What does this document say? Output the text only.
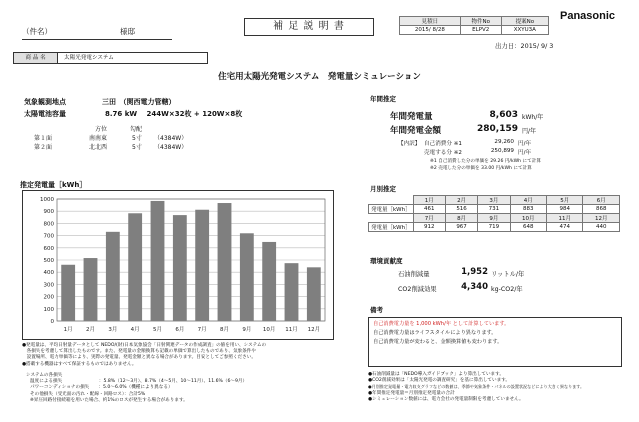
（件名）	様邸	補 足 説 明 書	見積日	物件No	提案No
2015/ 8/28	ELPV2	XXYU3A
Panasonic
出力日：2015/ 9/ 3
商 品 名	太陽光発電システム
住宅用太陽光発電システム　発電量シミュレーション
気象観測地点	三田　（関西電力管轄）
太陽電池容量	8.76 kW　 244W×32枚 + 120W×8枚
方位	勾配
第１面	南南東	5寸 （4384W）
第２面	北北西	5寸 （4384W）
推定発電量［kWh］
0
100
200
300
400
500
600
700
800
900
1000
1月 2月 3月 4月 5月 6月 7月 8月 9月 10月 11月 12月
年間推定
年間発電量	8,603 kWh/年
年間発電金額	280,159 円/年
【内訳】 自己消費分 ※1	29,260 円/年
売電する分 ※2	250,899 円/年
※1 自己消費した分の単価を 29.26 円/kWh にて計算
※2 売電した分の単価を 33.00 円/kWh にて計算
月別推定
	1月	2月	3月	4月	5月	6月
発電量［kWh］	461	516	731	883	984	868
	7月	8月	9月	10月	11月	12月
発電量［kWh］	912	967	719	648	474	440
環境貢献度
石油削減量	1,952 リットル/年
CO2削減効果	4,340 kg-CO2/年
備考
自己消費電力量を 1,000 kWh/年 として計算しています。
自己消費電力量はライフスタイルにより異なります。
自己消費電力量が変わると、金額換算値も変わります。
●発電量は、平均日射量データとして NEDO/(財)日本気象協会「日射関連データの作成調査」の値を用い、システムの
　各損失を考慮して算出したものです。また、発電量の金額換算も記載の単価で算出したものであり、気象条件や
　設置場所、電力単価等により、実際の発電量、発電金額と異なる場合があります。目安としてご参照ください。
●搭載する機器はすべて保証するものではありません。
システムの各損失
温度による損失　　　　　　　　：5.8%（12〜3月）、8.7%（4〜5月、10〜11月）、11.6%（6〜9月）
パワーコンディショナの損失　　：5.0〜6.0%（機種により異なる）
その他損失（受光面の汚れ・配線・回路ロス）：合計5%
※昇圧回路付接続箱を用いた場合、約1%のロスが発生する場合があります。
●石油削減量は「NEDO導入ガイドブック」より算出しています。
●CO2削減効果は「太陽光発電の調査研究」を基に算出しています。
●月別推定発電量・電力収支グラフなどの数値は、季節や気象条件・パネルの設置状況などにより大きく異なります。
●年間推定発電量＝月別推定発電量の合計
●シミュレーション数値には、電力会社の発電量制限を考慮していません。
